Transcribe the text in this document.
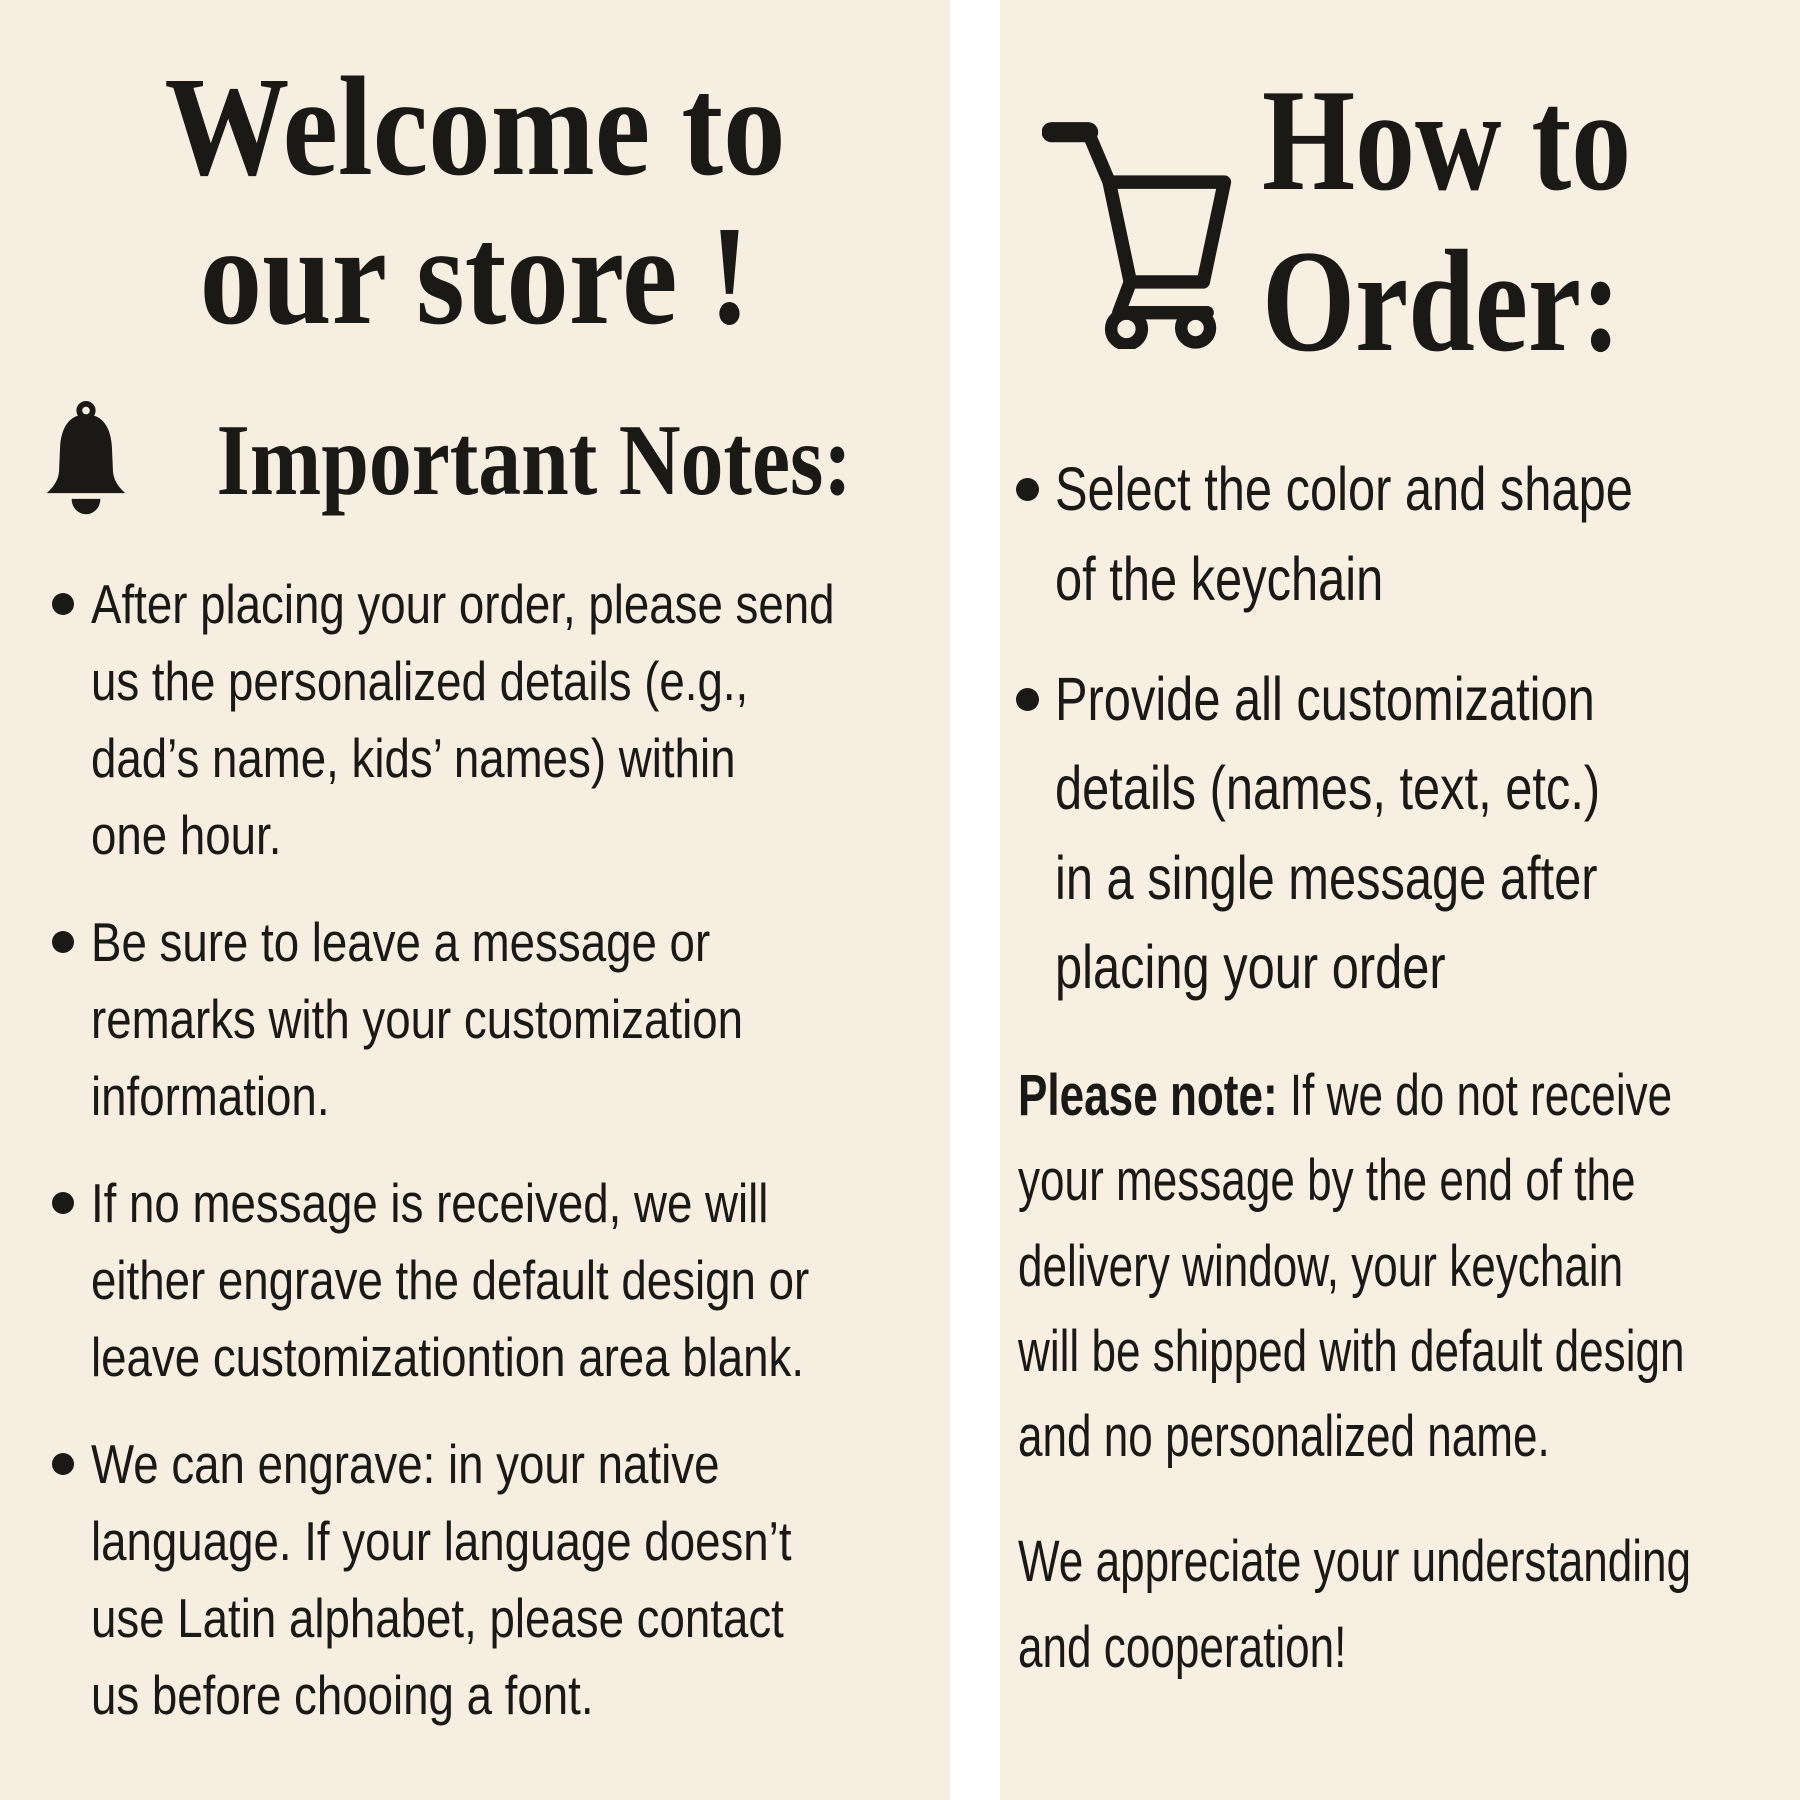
Welcome to
our store !
Important Notes:
After placing your order, please send
us the personalized details (e.g.,
dad’s name, kids’ names) within
one hour.
Be sure to leave a message or
remarks with your customization
information.
If no message is received, we will
either engrave the default design or
leave customizationtion area blank.
We can engrave: in your native
language. If your language doesn’t
use Latin alphabet, please contact
us before chooing a font.
How to
Order:
Select the color and shape
of the keychain
Provide all customization
details (names, text, etc.)
in a single message after
placing your order
Please note: If we do not receive
your message by the end of the
delivery window, your keychain
will be shipped with default design
and no personalized name.
We appreciate your understanding
and cooperation!
